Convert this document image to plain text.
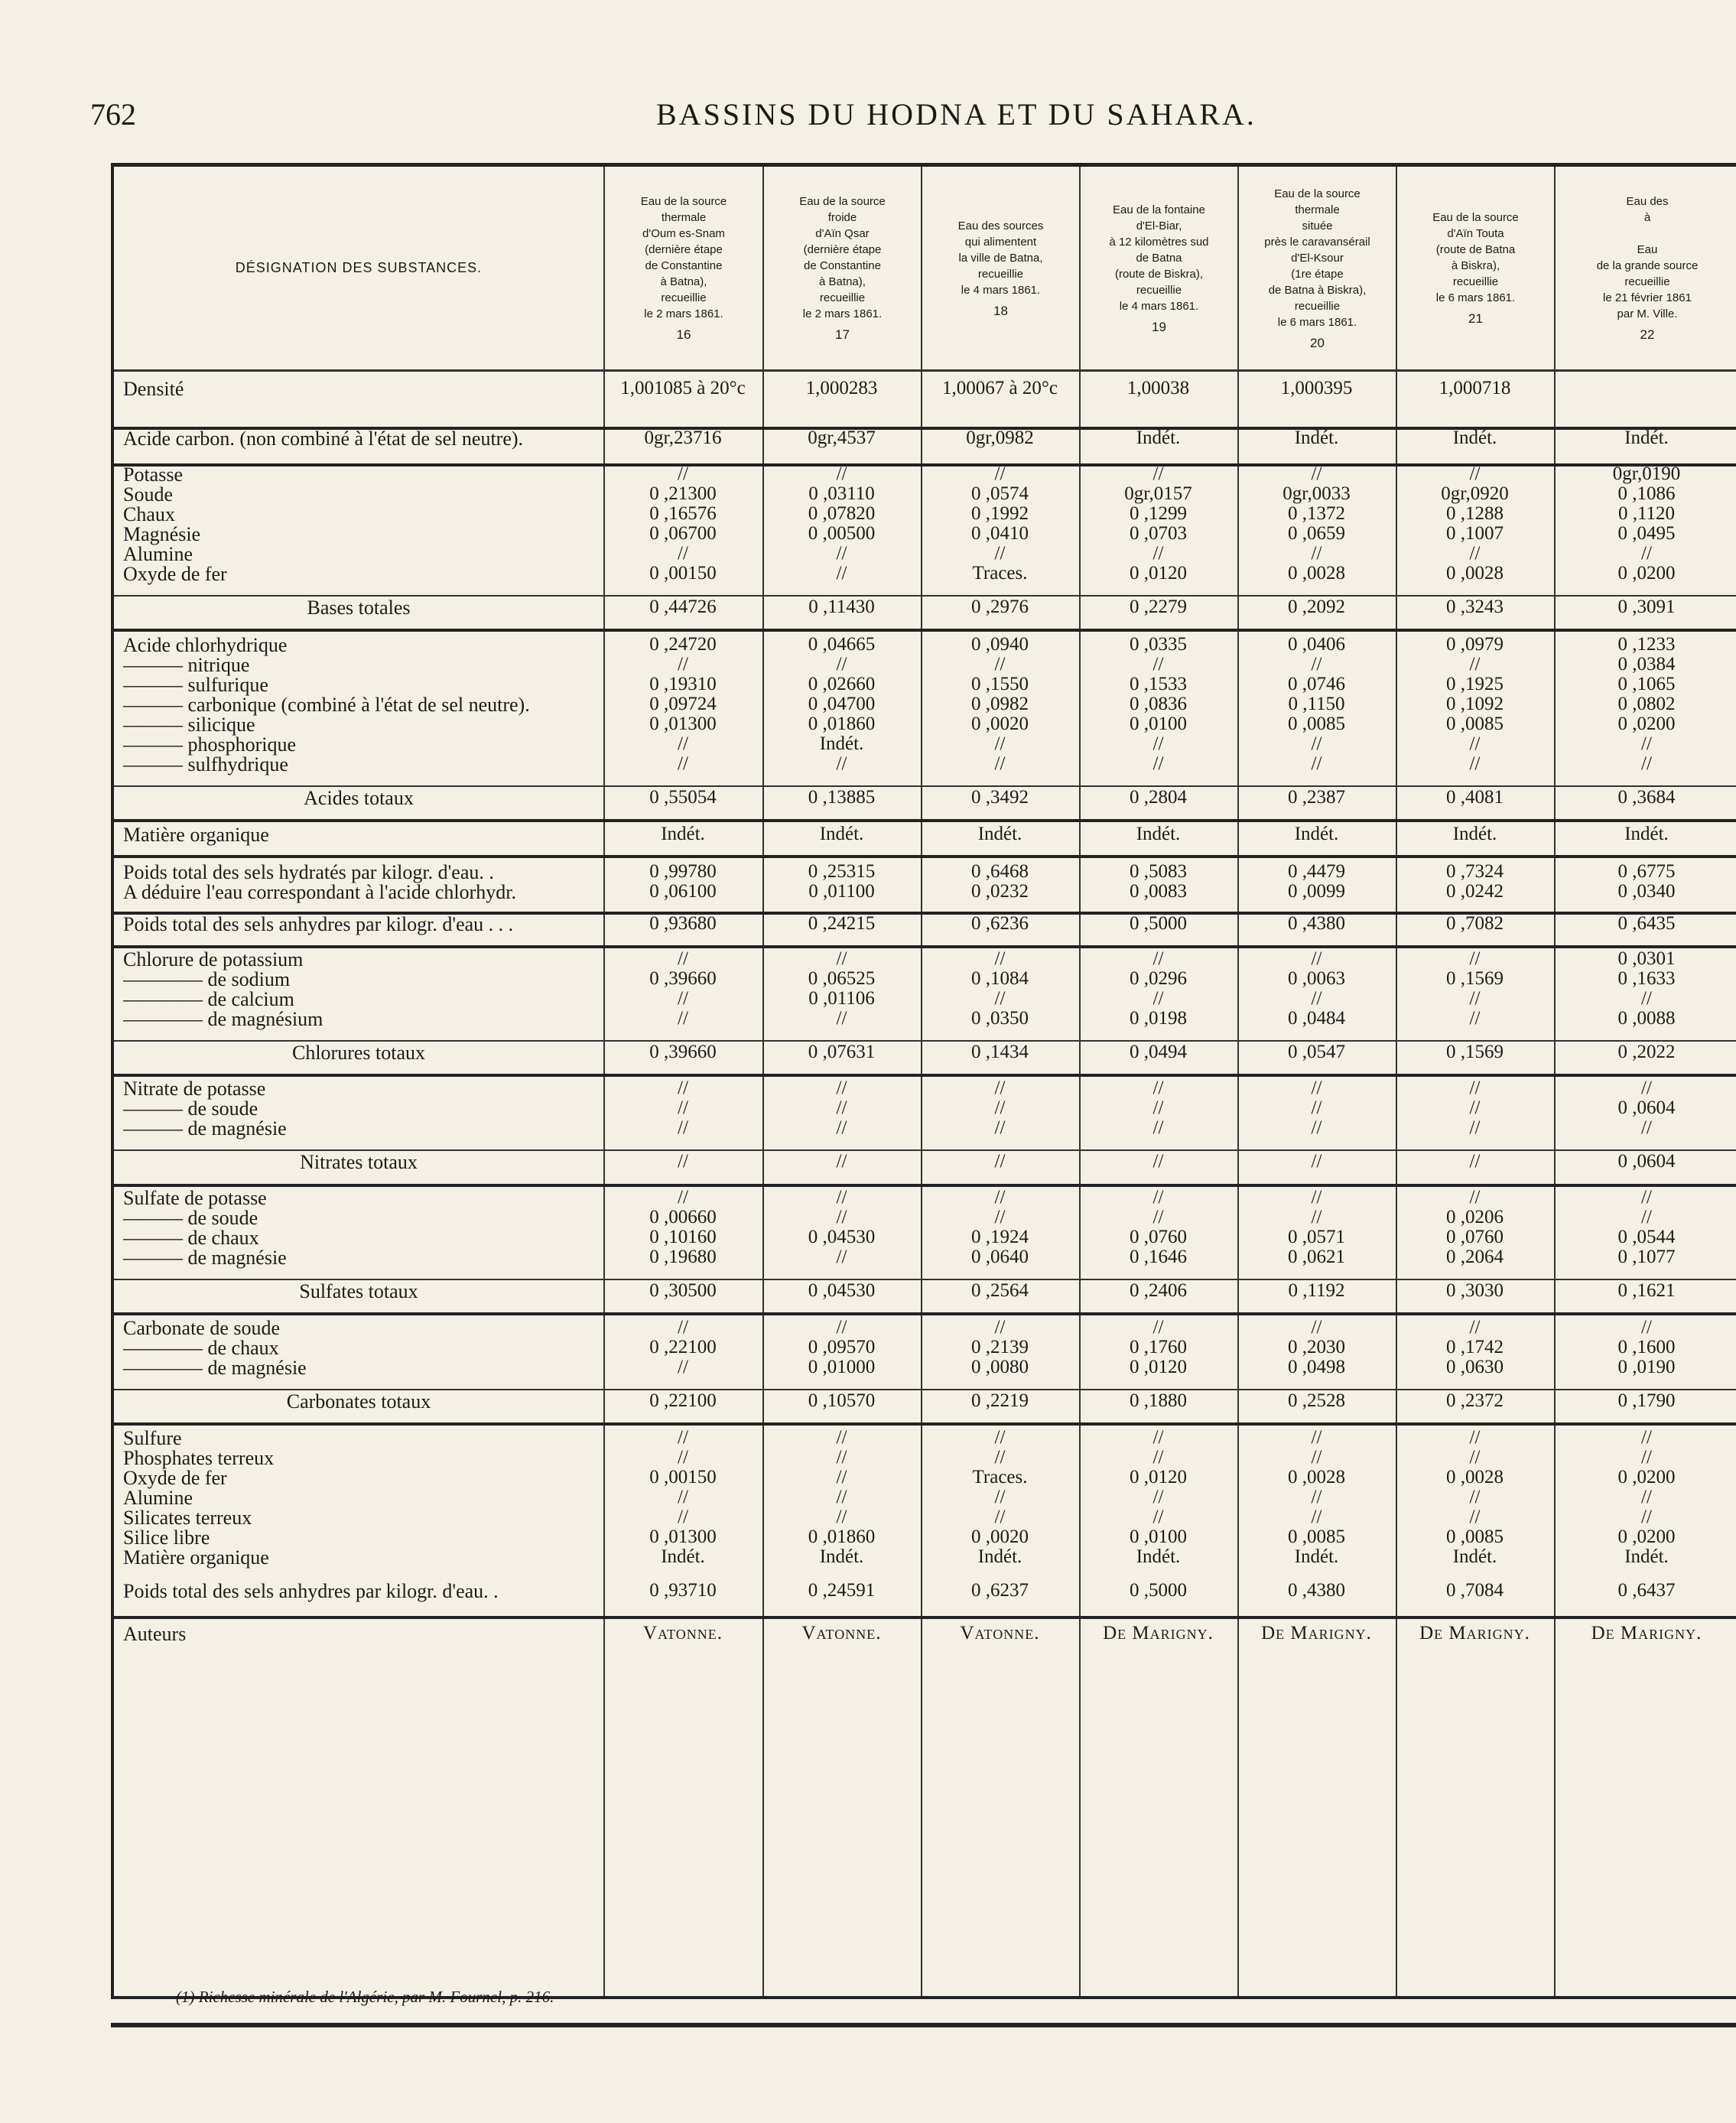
762	BASSINS DU HODNA ET DU SAHARA.
DÉSIGNATION DES SUBSTANCES.
Eau de la source
thermale
d'Oum es-Snam
(dernière étape
de Constantine
à Batna),
recueillie
le 2 mars 1861.
16
Eau de la source
froide
d'Aïn Qsar
(dernière étape
de Constantine
à Batna),
recueillie
le 2 mars 1861.
17
Eau des sources
qui alimentent
la ville de Batna,
recueillie
le 4 mars 1861.
18
Eau de la fontaine
d'El-Biar,
à 12 kilomètres sud
de Batna
(route de Biskra),
recueillie
le 4 mars 1861.
19
Eau de la source
thermale
située
près le caravansérail
d'El-Ksour
(1re étape
de Batna à Biskra),
recueillie
le 6 mars 1861.
20
Eau de la source
d'Aïn Touta
(route de Batna
à Biskra),
recueillie
le 6 mars 1861.
21
Eau des
à

Eau
de la grande source
recueillie
le 21 février 1861
par M. Ville.
22
Densité	1,001085 à 20°c	1,000283	1,00067 à 20°c	1,00038	1,000395	1,000718
Acide carbon. (non combiné à l'état de sel neutre).	0gr,23716	0gr,4537	0gr,0982	Indét.	Indét.	Indét.	Indét.
Potasse	//	//	//	//	//	//	0gr,0190
Soude	0 ,21300	0 ,03110	0 ,0574	0gr,0157	0gr,0033	0gr,0920	0 ,1086
Chaux	0 ,16576	0 ,07820	0 ,1992	0 ,1299	0 ,1372	0 ,1288	0 ,1120
Magnésie	0 ,06700	0 ,00500	0 ,0410	0 ,0703	0 ,0659	0 ,1007	0 ,0495
Alumine	//	//	//	//	//	//	//
Oxyde de fer	0 ,00150	//	Traces.	0 ,0120	0 ,0028	0 ,0028	0 ,0200
Bases totales	0 ,44726	0 ,11430	0 ,2976	0 ,2279	0 ,2092	0 ,3243	0 ,3091
Acide chlorhydrique	0 ,24720	0 ,04665	0 ,0940	0 ,0335	0 ,0406	0 ,0979	0 ,1233
——— nitrique	//	//	//	//	//	//	0 ,0384
——— sulfurique	0 ,19310	0 ,02660	0 ,1550	0 ,1533	0 ,0746	0 ,1925	0 ,1065
——— carbonique (combiné à l'état de sel neutre).	0 ,09724	0 ,04700	0 ,0982	0 ,0836	0 ,1150	0 ,1092	0 ,0802
——— silicique	0 ,01300	0 ,01860	0 ,0020	0 ,0100	0 ,0085	0 ,0085	0 ,0200
——— phosphorique	//	Indét.	//	//	//	//	//
——— sulfhydrique	//	//	//	//	//	//	//
Acides totaux	0 ,55054	0 ,13885	0 ,3492	0 ,2804	0 ,2387	0 ,4081	0 ,3684
Matière organique	Indét.	Indét.	Indét.	Indét.	Indét.	Indét.	Indét.
Poids total des sels hydratés par kilogr. d'eau. .	0 ,99780	0 ,25315	0 ,6468	0 ,5083	0 ,4479	0 ,7324	0 ,6775
A déduire l'eau correspondant à l'acide chlorhydr.	0 ,06100	0 ,01100	0 ,0232	0 ,0083	0 ,0099	0 ,0242	0 ,0340
Poids total des sels anhydres par kilogr. d'eau . . .	0 ,93680	0 ,24215	0 ,6236	0 ,5000	0 ,4380	0 ,7082	0 ,6435
Chlorure de potassium	//	//	//	//	//	//	0 ,0301
———— de sodium	0 ,39660	0 ,06525	0 ,1084	0 ,0296	0 ,0063	0 ,1569	0 ,1633
———— de calcium	//	0 ,01106	//	//	//	//	//
———— de magnésium	//	//	0 ,0350	0 ,0198	0 ,0484	//	0 ,0088
Chlorures totaux	0 ,39660	0 ,07631	0 ,1434	0 ,0494	0 ,0547	0 ,1569	0 ,2022
Nitrate de potasse	//	//	//	//	//	//	//
——— de soude	//	//	//	//	//	//	0 ,0604
——— de magnésie	//	//	//	//	//	//	//
Nitrates totaux	//	//	//	//	//	//	0 ,0604
Sulfate de potasse	//	//	//	//	//	//	//
——— de soude	0 ,00660	//	//	//	//	0 ,0206	//
——— de chaux	0 ,10160	0 ,04530	0 ,1924	0 ,0760	0 ,0571	0 ,0760	0 ,0544
——— de magnésie	0 ,19680	//	0 ,0640	0 ,1646	0 ,0621	0 ,2064	0 ,1077
Sulfates totaux	0 ,30500	0 ,04530	0 ,2564	0 ,2406	0 ,1192	0 ,3030	0 ,1621
Carbonate de soude	//	//	//	//	//	//	//
———— de chaux	0 ,22100	0 ,09570	0 ,2139	0 ,1760	0 ,2030	0 ,1742	0 ,1600
———— de magnésie	//	0 ,01000	0 ,0080	0 ,0120	0 ,0498	0 ,0630	0 ,0190
Carbonates totaux	0 ,22100	0 ,10570	0 ,2219	0 ,1880	0 ,2528	0 ,2372	0 ,1790
Sulfure	//	//	//	//	//	//	//
Phosphates terreux	//	//	//	//	//	//	//
Oxyde de fer	0 ,00150	//	Traces.	0 ,0120	0 ,0028	0 ,0028	0 ,0200
Alumine	//	//	//	//	//	//	//
Silicates terreux	//	//	//	//	//	//	//
Silice libre	0 ,01300	0 ,01860	0 ,0020	0 ,0100	0 ,0085	0 ,0085	0 ,0200
Matière organique	Indét.	Indét.	Indét.	Indét.	Indét.	Indét.	Indét.
Poids total des sels anhydres par kilogr. d'eau. .	0 ,93710	0 ,24591	0 ,6237	0 ,5000	0 ,4380	0 ,7084	0 ,6437
Auteurs	Vatonne.	Vatonne.	Vatonne.	De Marigny.	De Marigny.	De Marigny.	De Marigny.
(1) Richesse minérale de l'Algérie, par M. Fournel, p. 216.
